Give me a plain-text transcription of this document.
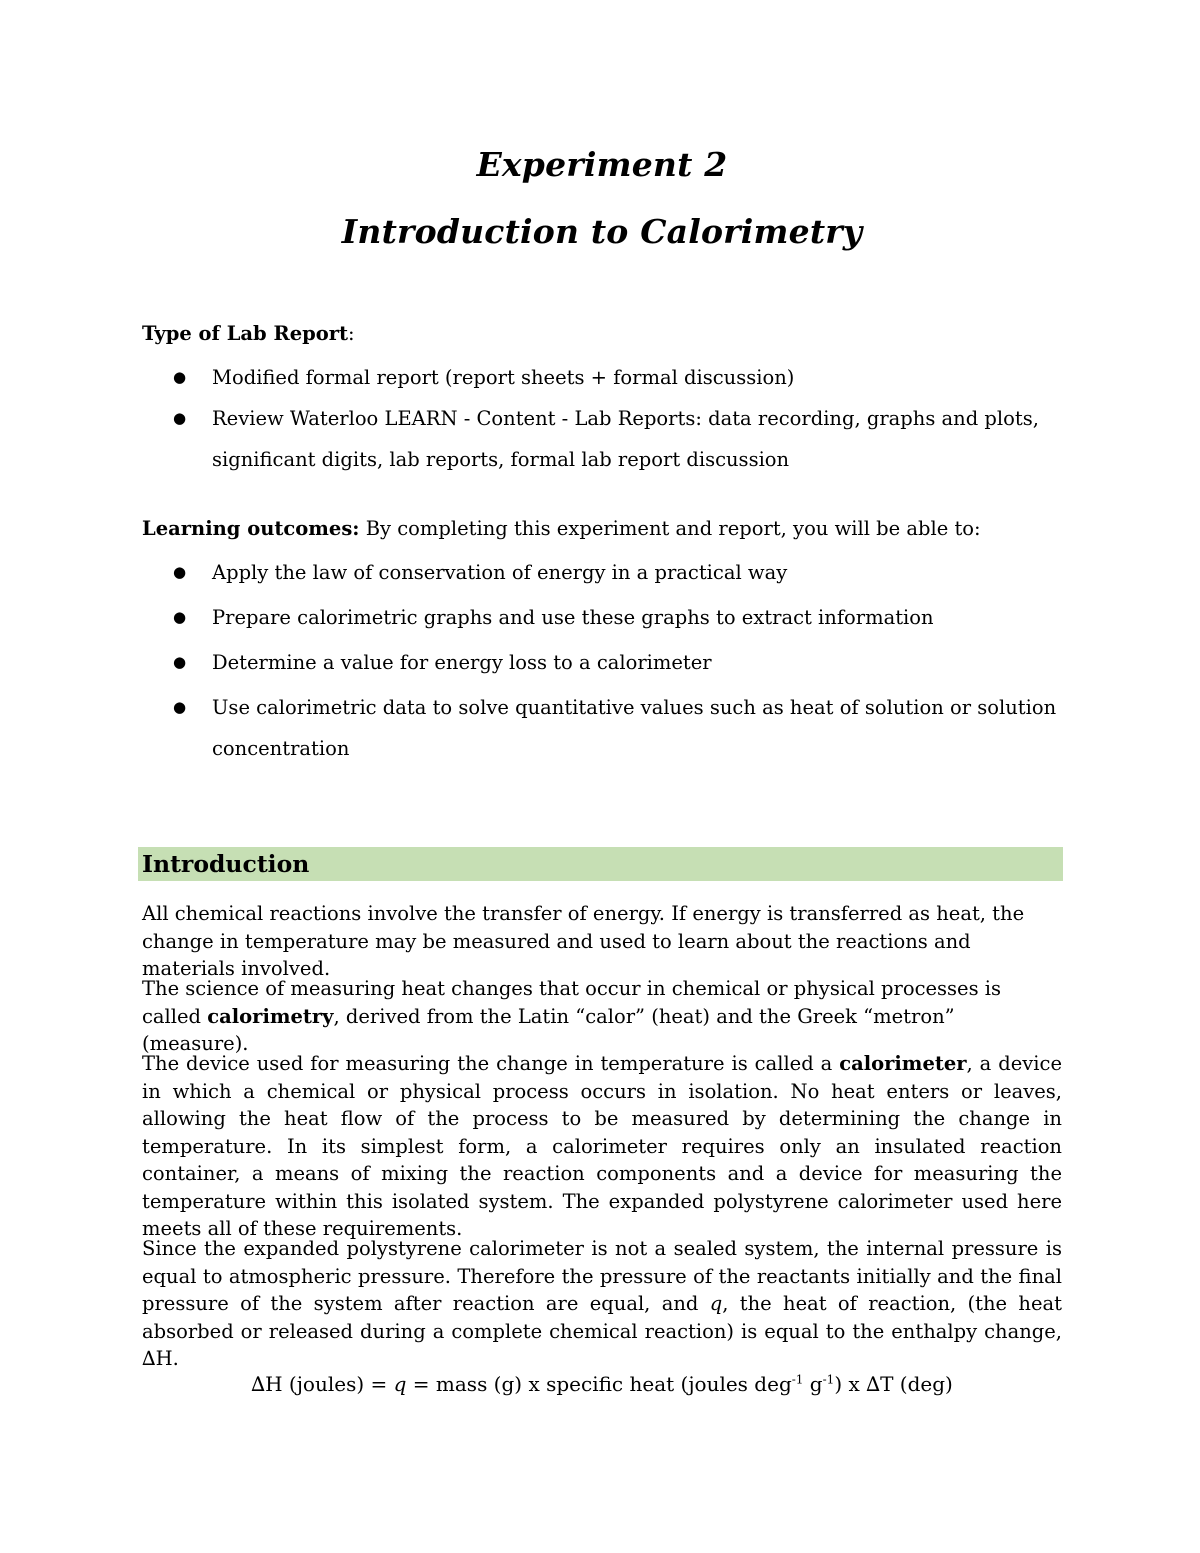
Experiment 2
Introduction to Calorimetry
Type of Lab Report:
● Modified formal report (report sheets + formal discussion)
● Review Waterloo LEARN - Content - Lab Reports: data recording, graphs and plots, significant digits, lab reports, formal lab report discussion
Learning outcomes: By completing this experiment and report, you will be able to:
● Apply the law of conservation of energy in a practical way
● Prepare calorimetric graphs and use these graphs to extract information
● Determine a value for energy loss to a calorimeter
● Use calorimetric data to solve quantitative values such as heat of solution or solution concentration
Introduction

All chemical reactions involve the transfer of energy. If energy is transferred as heat, the change in temperature may be measured and used to learn about the reactions and materials involved.

The science of measuring heat changes that occur in chemical or physical processes is called calorimetry, derived from the Latin “calor” (heat) and the Greek “metron” (measure).

The device used for measuring the change in temperature is called a calorimeter, a device in which a chemical or physical process occurs in isolation. No heat enters or leaves, allowing the heat flow of the process to be measured by determining the change in temperature. In its simplest form, a calorimeter requires only an insulated reaction container, a means of mixing the reaction components and a device for measuring the temperature within this isolated system. The expanded polystyrene calorimeter used here meets all of these requirements.

Since the expanded polystyrene calorimeter is not a sealed system, the internal pressure is equal to atmospheric pressure. Therefore the pressure of the reactants initially and the final pressure of the system after reaction are equal, and q, the heat of reaction, (the heat absorbed or released during a complete chemical reaction) is equal to the enthalpy change, ∆H.

∆H (joules) = q = mass (g) x specific heat (joules deg$^{-1}$ $g^{-1}$) x ∆T (deg)
